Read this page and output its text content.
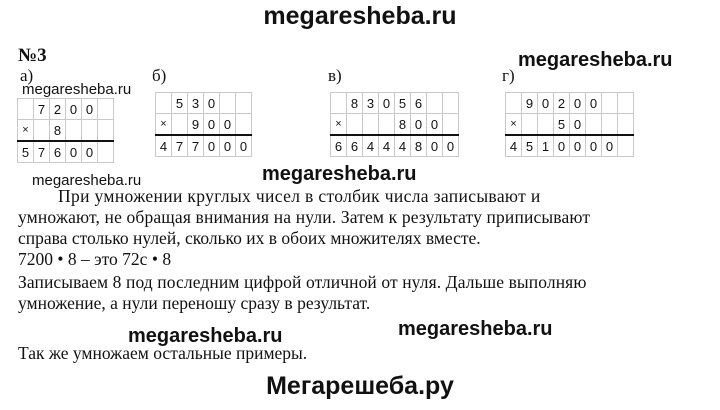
megaresheba.ru
№3	megaresheba.ru
а)	б)	в)	г)
	7	2	0	0	
×		8			
5	7	6	0	0	
	5	3	0		
×		9	0	0	
4	7	7	0	0	0
	8	3	0	5	6		
×				8	0	0	
6	6	4	4	4	8	0	0
	9	0	2	0	0		
×			5	0			
4	5	1	0	0	0	0	
megaresheba.ru
megaresheba.ru
megaresheba.ru
При умножении круглых чисел в столбик числа записывают и
умножают, не обращая внимания на нули. Затем к результату приписывают
справа столько нулей, сколько их в обоих множителях вместе.
7200 • 8 – это 72с • 8
Записываем 8 под последним цифрой отличной от нуля. Дальше выполняю
умножение, а нули переношу сразу в результат.
megaresheba.ru	megaresheba.ru
Так же умножаем остальные примеры.
Мегарешеба.ру
